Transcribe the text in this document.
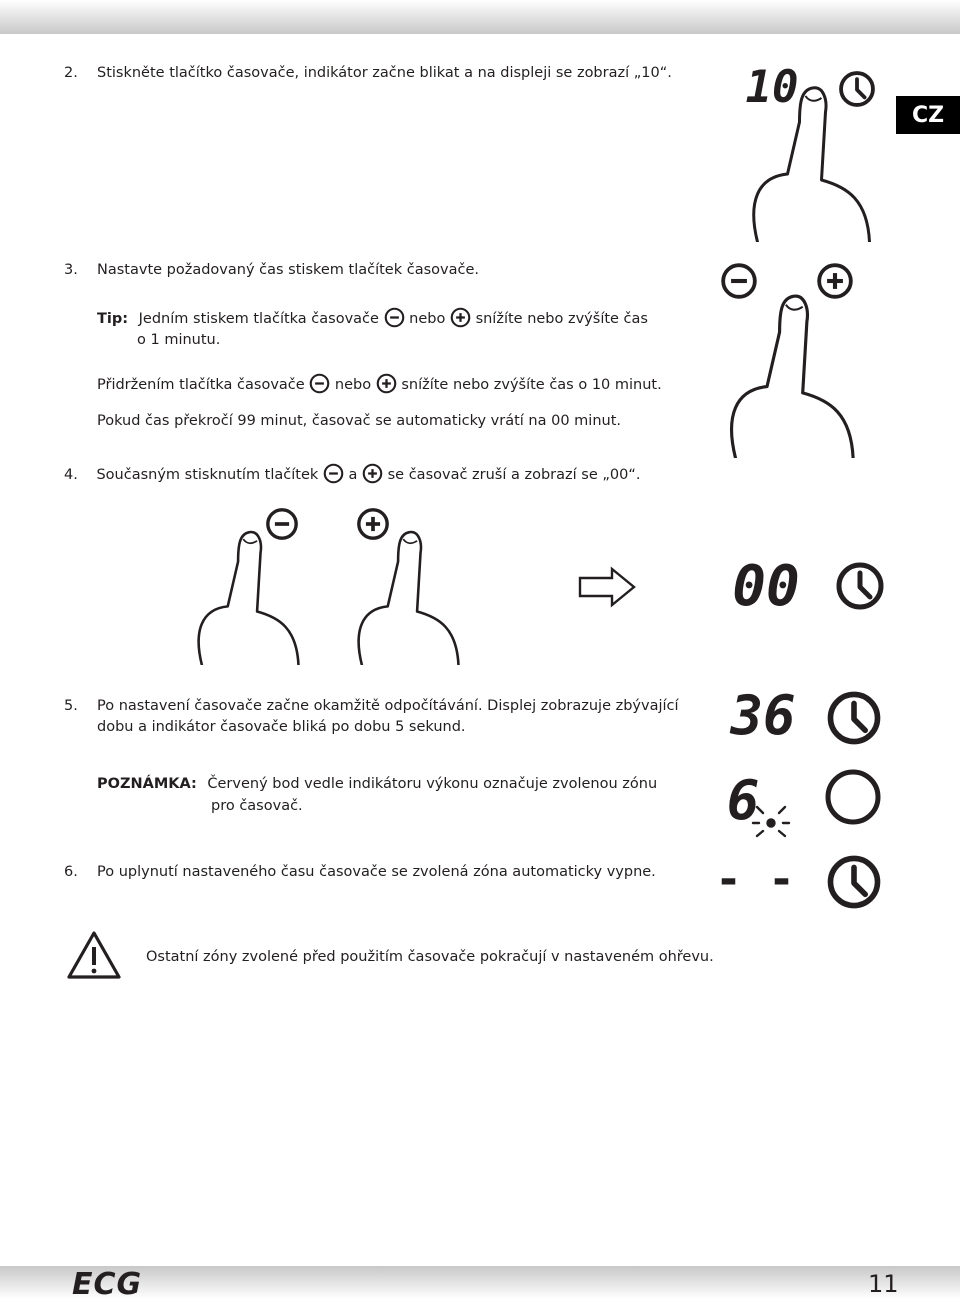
CZ
2. Stiskněte tlačítko časovače, indikátor začne blikat a na displeji se zobrazí „10“. 10
3. Nastavte požadovaný čas stiskem tlačítek časovače.
Tip: Jedním stiskem tlačítka časovače nebo snížíte nebo zvýšíte čas
o 1 minutu.
Přidržením tlačítka časovače nebo snížíte nebo zvýšíte čas o 10 minut.
Pokud čas překročí 99 minut, časovač se automaticky vrátí na 00 minut.
4. Současným stisknutím tlačítek a se časovač zruší a zobrazí se „00“.
00
5. Po nastavení časovače začne okamžitě odpočítávání. Displej zobrazuje zbývající
dobu a indikátor časovače bliká po dobu 5 sekund.	36
POZNÁMKA: Červený bod vedle indikátoru výkonu označuje zvolenou zónu
pro časovač.	6
6. Po uplynutí nastaveného času časovače se zvolená zóna automaticky vypne. - -
Ostatní zóny zvolené před použitím časovače pokračují v nastaveném ohřevu.
ECG	11
